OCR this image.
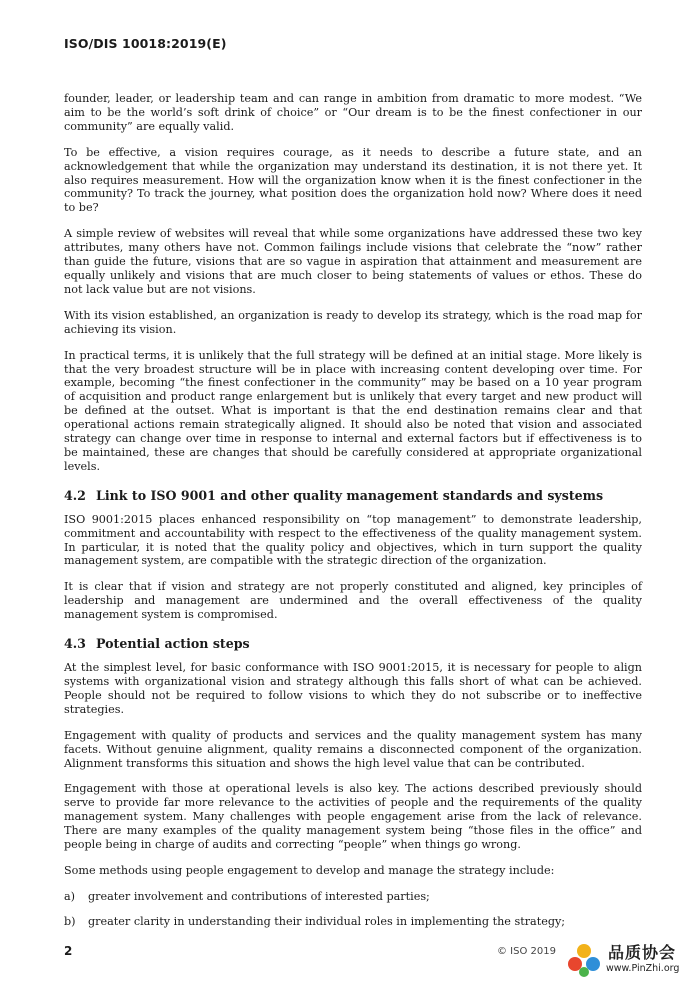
ISO/DIS 10018:2019(E)

founder, leader, or leadership team and can range in ambition from dramatic to more modest. “We aim to be the world’s soft drink of choice” or “Our dream is to be the finest confectioner in our community” are equally valid.

To be effective, a vision requires courage, as it needs to describe a future state, and an acknowledgement that while the organization may understand its destination, it is not there yet. It also requires measurement. How will the organization know when it is the finest confectioner in the community? To track the journey, what position does the organization hold now? Where does it need to be?

A simple review of websites will reveal that while some organizations have addressed these two key attributes, many others have not. Common failings include visions that celebrate the “now” rather than guide the future, visions that are so vague in aspiration that attainment and measurement are equally unlikely and visions that are much closer to being statements of values or ethos. These do not lack value but are not visions.

With its vision established, an organization is ready to develop its strategy, which is the road map for achieving its vision.

In practical terms, it is unlikely that the full strategy will be defined at an initial stage. More likely is that the very broadest structure will be in place with increasing content developing over time. For example, becoming “the finest confectioner in the community” may be based on a 10 year program of acquisition and product range enlargement but is unlikely that every target and new product will be defined at the outset. What is important is that the end destination remains clear and that operational actions remain strategically aligned. It should also be noted that vision and associated strategy can change over time in response to internal and external factors but if effectiveness is to be maintained, these are changes that should be carefully considered at appropriate organizational levels.

4.2 Link to ISO 9001 and other quality management standards and systems

ISO 9001:2015 places enhanced responsibility on “top management” to demonstrate leadership, commitment and accountability with respect to the effectiveness of the quality management system. In particular, it is noted that the quality policy and objectives, which in turn support the quality management system, are compatible with the strategic direction of the organization.

It is clear that if vision and strategy are not properly constituted and aligned, key principles of leadership and management are undermined and the overall effectiveness of the quality management system is compromised.

4.3 Potential action steps

At the simplest level, for basic conformance with ISO 9001:2015, it is necessary for people to align systems with organizational vision and strategy although this falls short of what can be achieved. People should not be required to follow visions to which they do not subscribe or to ineffective strategies.

Engagement with quality of products and services and the quality management system has many facets. Without genuine alignment, quality remains a disconnected component of the organization. Alignment transforms this situation and shows the high level value that can be contributed.

Engagement with those at operational levels is also key. The actions described previously should serve to provide far more relevance to the activities of people and the requirements of the quality management system. Many challenges with people engagement arise from the lack of relevance. There are many examples of the quality management system being “those files in the office” and people being in charge of audits and correcting “people” when things go wrong.

Some methods using people engagement to develop and manage the strategy include:

a)	greater involvement and contributions of interested parties;
b)	greater clarity in understanding their individual roles in implementing the strategy;
2	© ISO 2019	品质协会
www.PinZhi.org
